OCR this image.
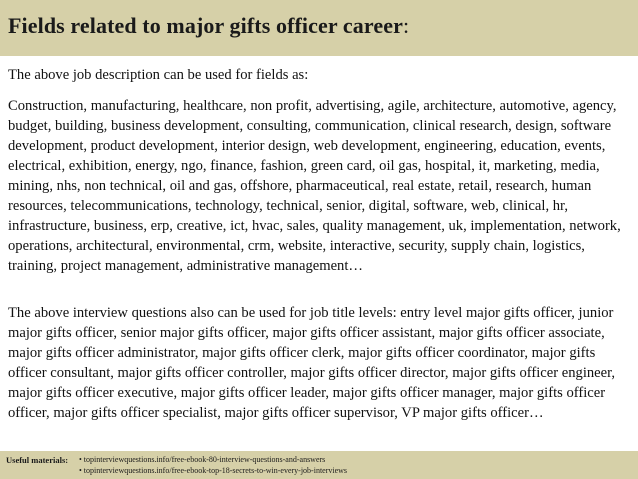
Fields related to major gifts officer career:
The above job description can be used for fields as:
Construction, manufacturing, healthcare, non profit, advertising, agile, architecture, automotive, agency, budget, building, business development, consulting, communication, clinical research, design, software development, product development, interior design, web development, engineering, education, events, electrical, exhibition, energy, ngo, finance, fashion, green card, oil gas, hospital, it, marketing, media, mining, nhs, non technical, oil and gas, offshore, pharmaceutical, real estate, retail, research, human resources, telecommunications, technology, technical, senior, digital, software, web, clinical, hr, infrastructure, business, erp, creative, ict, hvac, sales, quality management, uk, implementation, network, operations, architectural, environmental, crm, website, interactive, security, supply chain, logistics, training, project management, administrative management…
The above interview questions also can be used for job title levels: entry level major gifts officer, junior major gifts officer, senior major gifts officer, major gifts officer assistant, major gifts officer associate, major gifts officer administrator, major gifts officer clerk, major gifts officer coordinator, major gifts officer consultant, major gifts officer controller, major gifts officer director, major gifts officer engineer, major gifts officer executive, major gifts officer leader, major gifts officer manager, major gifts officer officer, major gifts officer specialist, major gifts officer supervisor, VP major gifts officer…
Useful materials: • topinterviewquestions.info/free-ebook-80-interview-questions-and-answers
• topinterviewquestions.info/free-ebook-top-18-secrets-to-win-every-job-interviews
